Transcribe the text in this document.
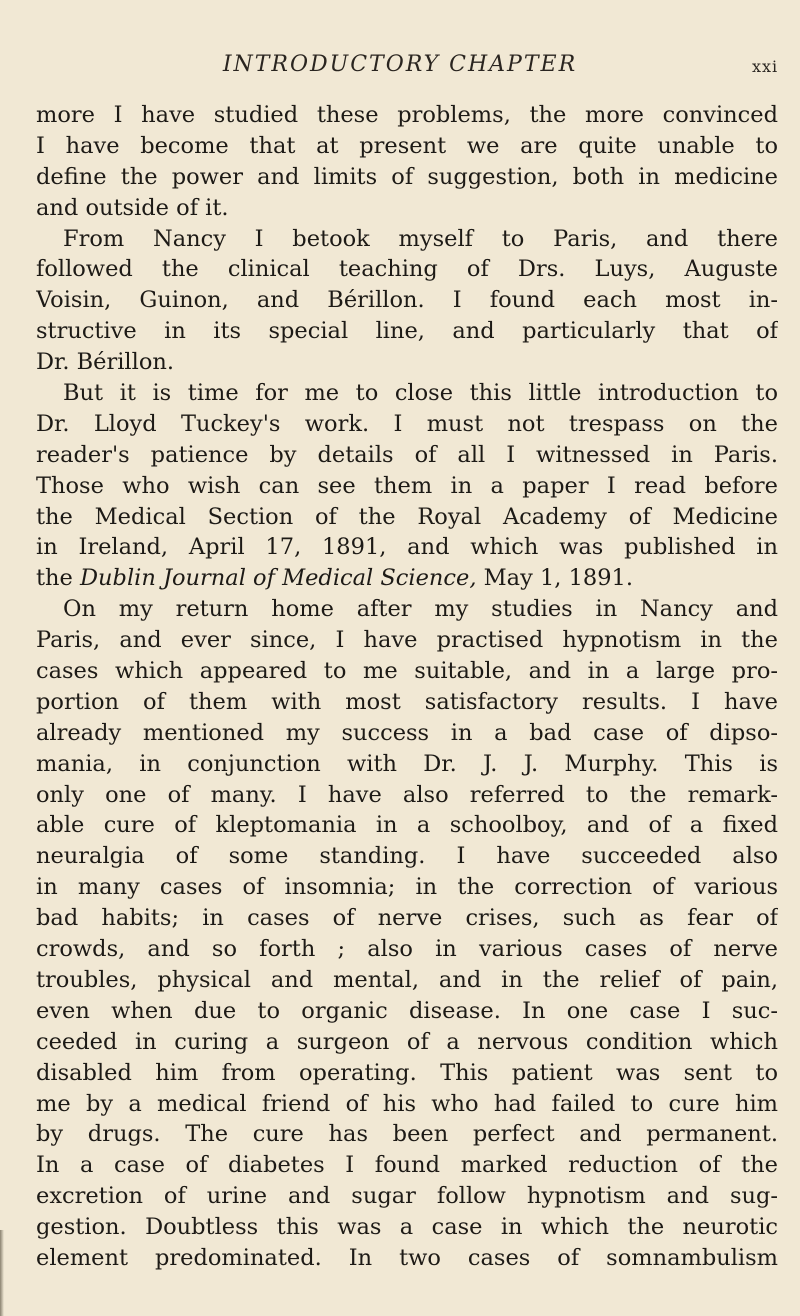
INTRODUCTORY CHAPTER	xxi
more I have studied these problems, the more convinced
I have become that at present we are quite unable to
define the power and limits of suggestion, both in medicine
and outside of it.
From Nancy I betook myself to Paris, and there
followed the clinical teaching of Drs. Luys, Auguste
Voisin, Guinon, and Bérillon. I found each most in-
structive in its special line, and particularly that of
Dr. Bérillon.
But it is time for me to close this little introduction to
Dr. Lloyd Tuckey's work. I must not trespass on the
reader's patience by details of all I witnessed in Paris.
Those who wish can see them in a paper I read before
the Medical Section of the Royal Academy of Medicine
in Ireland, April 17, 1891, and which was published in
the Dublin Journal of Medical Science, May 1, 1891.
On my return home after my studies in Nancy and
Paris, and ever since, I have practised hypnotism in the
cases which appeared to me suitable, and in a large pro-
portion of them with most satisfactory results. I have
already mentioned my success in a bad case of dipso-
mania, in conjunction with Dr. J. J. Murphy. This is
only one of many. I have also referred to the remark-
able cure of kleptomania in a schoolboy, and of a fixed
neuralgia of some standing. I have succeeded also
in many cases of insomnia; in the correction of various
bad habits; in cases of nerve crises, such as fear of
crowds, and so forth ; also in various cases of nerve
troubles, physical and mental, and in the relief of pain,
even when due to organic disease. In one case I suc-
ceeded in curing a surgeon of a nervous condition which
disabled him from operating. This patient was sent to
me by a medical friend of his who had failed to cure him
by drugs. The cure has been perfect and permanent.
In a case of diabetes I found marked reduction of the
excretion of urine and sugar follow hypnotism and sug-
gestion. Doubtless this was a case in which the neurotic
element predominated. In two cases of somnambulism
